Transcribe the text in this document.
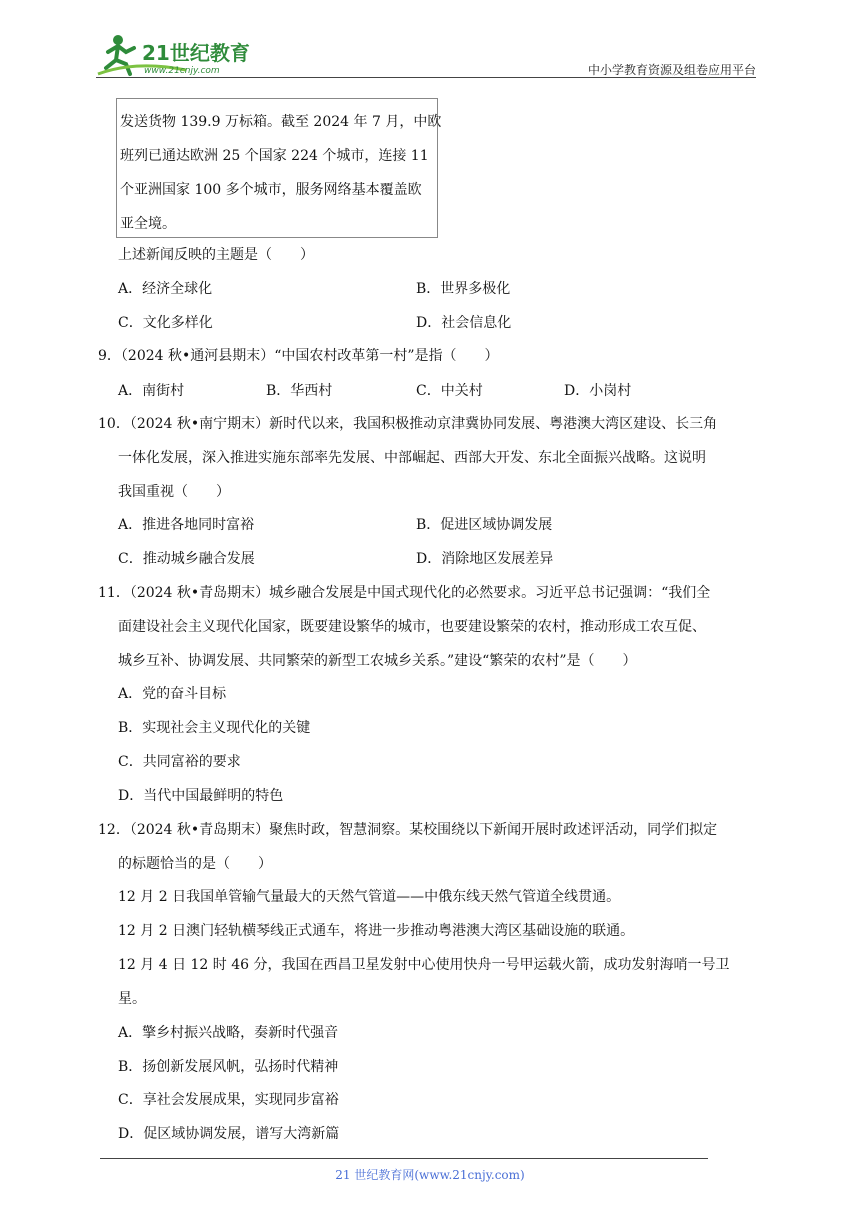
21世纪教育
www.21cnjy.com	中小学教育资源及组卷应用平台

发送货物 139.9 万标箱。截至 2024 年 7 月，中欧

班列已通达欧洲 25 个国家 224 个城市，连接 11

个亚洲国家 100 多个城市，服务网络基本覆盖欧

亚全境。

上述新闻反映的主题是（　　）

A．经济全球化	B．世界多极化
C．文化多样化	D．社会信息化

9．（2024 秋•通河县期末）“中国农村改革第一村”是指（　　）

A．南街村	B．华西村	C．中关村	D．小岗村

10．（2024 秋•南宁期末）新时代以来，我国积极推动京津冀协同发展、粤港澳大湾区建设、长三角

一体化发展，深入推进实施东部率先发展、中部崛起、西部大开发、东北全面振兴战略。这说明

我国重视（　　）

A．推进各地同时富裕	B．促进区域协调发展
C．推动城乡融合发展	D．消除地区发展差异

11．（2024 秋•青岛期末）城乡融合发展是中国式现代化的必然要求。习近平总书记强调：“我们全

面建设社会主义现代化国家，既要建设繁华的城市，也要建设繁荣的农村，推动形成工农互促、

城乡互补、协调发展、共同繁荣的新型工农城乡关系。”建设“繁荣的农村”是（　　）

A．党的奋斗目标
B．实现社会主义现代化的关键
C．共同富裕的要求
D．当代中国最鲜明的特色

12．（2024 秋•青岛期末）聚焦时政，智慧洞察。某校围绕以下新闻开展时政述评活动，同学们拟定

的标题恰当的是（　　）

12 月 2 日我国单管输气量最大的天然气管道——中俄东线天然气管道全线贯通。

12 月 2 日澳门轻轨横琴线正式通车，将进一步推动粤港澳大湾区基础设施的联通。

12 月 4 日 12 时 46 分，我国在西昌卫星发射中心使用快舟一号甲运载火箭，成功发射海哨一号卫

星。

A．擎乡村振兴战略，奏新时代强音
B．扬创新发展风帆，弘扬时代精神
C．享社会发展成果，实现同步富裕
D．促区域协调发展，谱写大湾新篇
21 世纪教育网(www.21cnjy.com)
